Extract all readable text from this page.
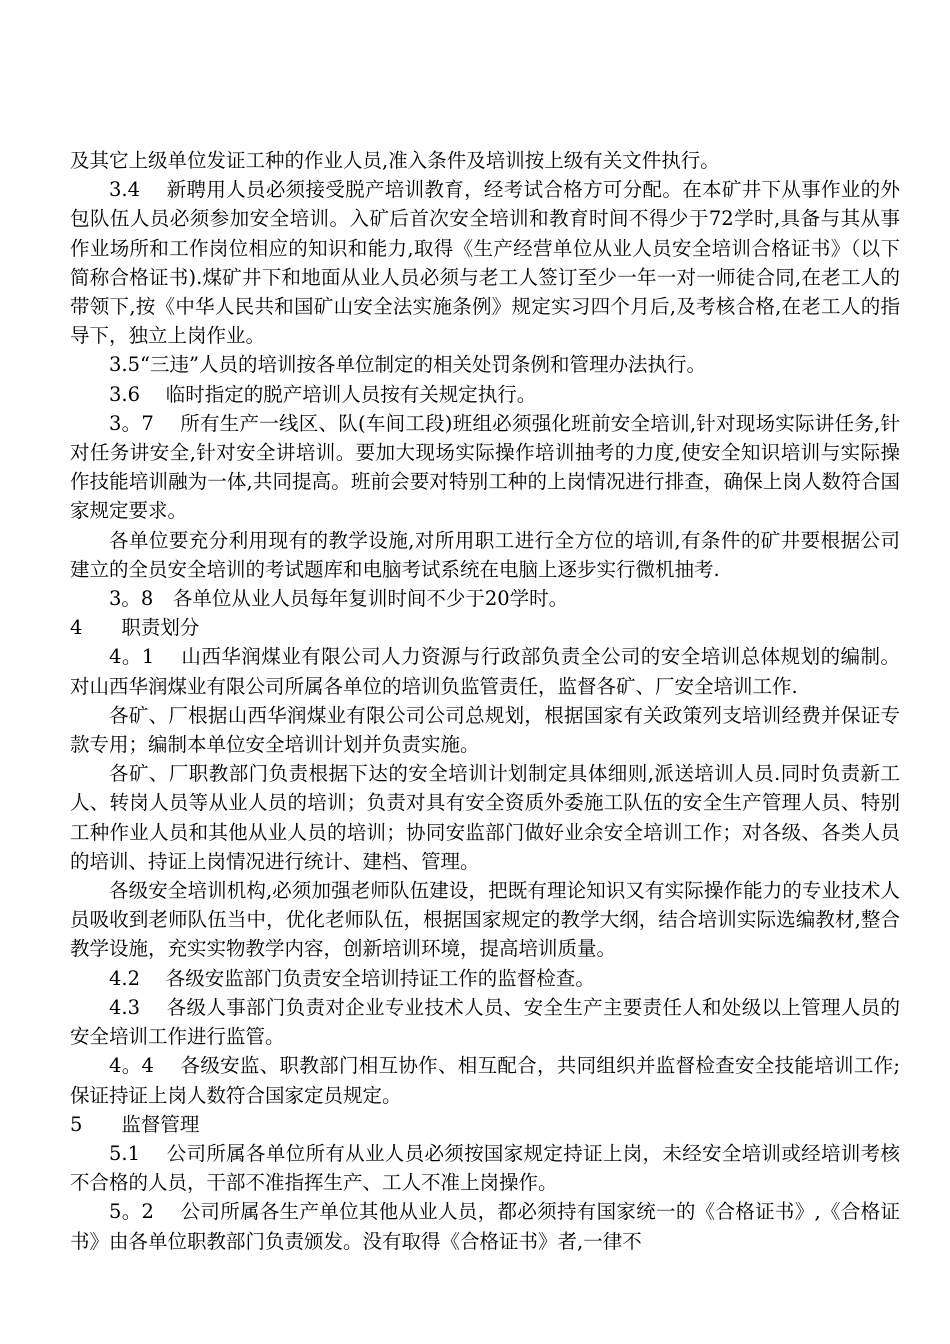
及其它上级单位发证工种的作业人员,准入条件及培训按上级有关文件执行。

3.4　 新聘用人员必须接受脱产培训教育，经考试合格方可分配。在本矿井下从事作业的外包队伍人员必须参加安全培训。入矿后首次安全培训和教育时间不得少于72学时,具备与其从事作业场所和工作岗位相应的知识和能力,取得《生产经营单位从业人员安全培训合格证书》（以下简称合格证书).煤矿井下和地面从业人员必须与老工人签订至少一年一对一师徒合同,在老工人的带领下,按《中华人民共和国矿山安全法实施条例》规定实习四个月后,及考核合格,在老工人的指导下，独立上岗作业。

3.5“三违”人员的培训按各单位制定的相关处罚条例和管理办法执行。

3.6　 临时指定的脱产培训人员按有关规定执行。

3。7　 所有生产一线区、队(车间工段)班组必须强化班前安全培训,针对现场实际讲任务,针对任务讲安全,针对安全讲培训。要加大现场实际操作培训抽考的力度,使安全知识培训与实际操作技能培训融为一体,共同提高。班前会要对特别工种的上岗情况进行排查，确保上岗人数符合国家规定要求。

各单位要充分利用现有的教学设施,对所用职工进行全方位的培训,有条件的矿井要根据公司建立的全员安全培训的考试题库和电脑考试系统在电脑上逐步实行微机抽考.

3。8　各单位从业人员每年复训时间不少于20学时。

4　　职责划分

4。1　 山西华润煤业有限公司人力资源与行政部负责全公司的安全培训总体规划的编制。对山西华润煤业有限公司所属各单位的培训负监管责任，监督各矿、厂安全培训工作.

各矿、厂根据山西华润煤业有限公司公司总规划，根据国家有关政策列支培训经费并保证专款专用；编制本单位安全培训计划并负责实施。

各矿、厂职教部门负责根据下达的安全培训计划制定具体细则,派送培训人员.同时负责新工人、转岗人员等从业人员的培训；负责对具有安全资质外委施工队伍的安全生产管理人员、特别工种作业人员和其他从业人员的培训；协同安监部门做好业余安全培训工作；对各级、各类人员的培训、持证上岗情况进行统计、建档、管理。

各级安全培训机构,必须加强老师队伍建设，把既有理论知识又有实际操作能力的专业技术人员吸收到老师队伍当中，优化老师队伍，根据国家规定的教学大纲，结合培训实际选编教材,整合教学设施，充实实物教学内容，创新培训环境，提高培训质量。

4.2　 各级安监部门负责安全培训持证工作的监督检查。

4.3　 各级人事部门负责对企业专业技术人员、安全生产主要责任人和处级以上管理人员的安全培训工作进行监管。

4。4　 各级安监、职教部门相互协作、相互配合，共同组织并监督检查安全技能培训工作;保证持证上岗人数符合国家定员规定。

5　　监督管理

5.1　 公司所属各单位所有从业人员必须按国家规定持证上岗，未经安全培训或经培训考核不合格的人员，干部不准指挥生产、工人不准上岗操作。

5。2　 公司所属各生产单位其他从业人员，都必须持有国家统一的《合格证书》,《合格证书》由各单位职教部门负责颁发。没有取得《合格证书》者,一律不
